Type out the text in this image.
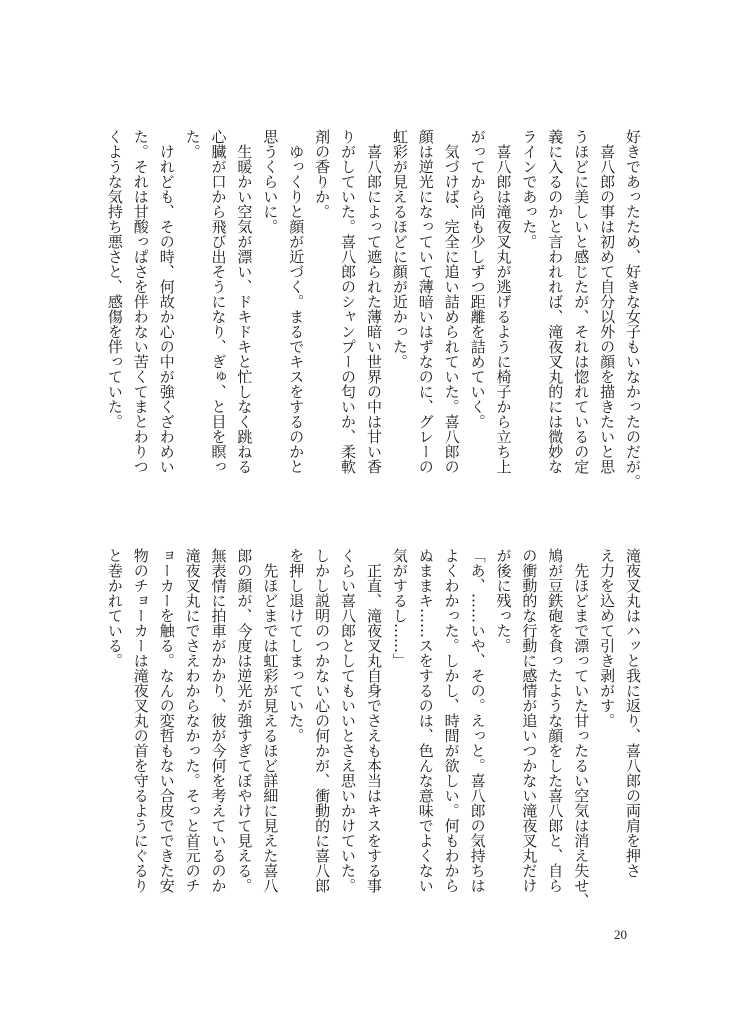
好きであったため、好きな女子もいなかったのだが。
　喜八郎の事は初めて自分以外の顔を描きたいと思
うほどに美しいと感じたが、それは惚れているの定
義に入るのかと言われれば、滝夜叉丸的には微妙な
ラインであった。
　喜八郎は滝夜叉丸が逃げるように椅子から立ち上
がってから尚も少しずつ距離を詰めていく。
　気づけば、完全に追い詰められていた。喜八郎の
顔は逆光になっていて薄暗いはずなのに、グレーの
虹彩が見えるほどに顔が近かった。
　喜八郎によって遮られた薄暗い世界の中は甘い香
りがしていた。喜八郎のシャンプーの匂いか、柔軟
剤の香りか。
　ゆっくりと顔が近づく。まるでキスをするのかと
思うくらいに。
　生暖かい空気が漂い、ドキドキと忙しなく跳ねる
心臓が口から飛び出そうになり、ぎゅ、と目を瞑っ
た。
　けれども、その時、何故か心の中が強くざわめい
た。それは甘酸っぱさを伴わない苦くてまとわりつ
くような気持ち悪さと、感傷を伴っていた。
滝夜叉丸はハッと我に返り、喜八郎の両肩を押さ
え力を込めて引き剥がす。
　先ほどまで漂っていた甘ったるい空気は消え失せ、
鳩が豆鉄砲を食ったような顔をした喜八郎と、自ら
の衝動的な行動に感情が追いつかない滝夜叉丸だけ
が後に残った。
「あ、……いや、その。えっと。喜八郎の気持ちは
よくわかった。しかし、時間が欲しい。何もわから
ぬままキ……スをするのは、色んな意味でよくない
気がするし……」
　正直、滝夜叉丸自身でさえも本当はキスをする事
くらい喜八郎としてもいいとさえ思いかけていた。
しかし説明のつかない心の何かが、衝動的に喜八郎
を押し退けてしまっていた。
　先ほどまでは虹彩が見えるほど詳細に見えた喜八
郎の顔が、今度は逆光が強すぎてぼやけて見える。
無表情に拍車がかかり、彼が今何を考えているのか
滝夜叉丸にでさえわからなかった。そっと首元のチ
ョーカーを触る。なんの変哲もない合皮でできた安
物のチョーカーは滝夜叉丸の首を守るようにぐるり
と巻かれている。
20
